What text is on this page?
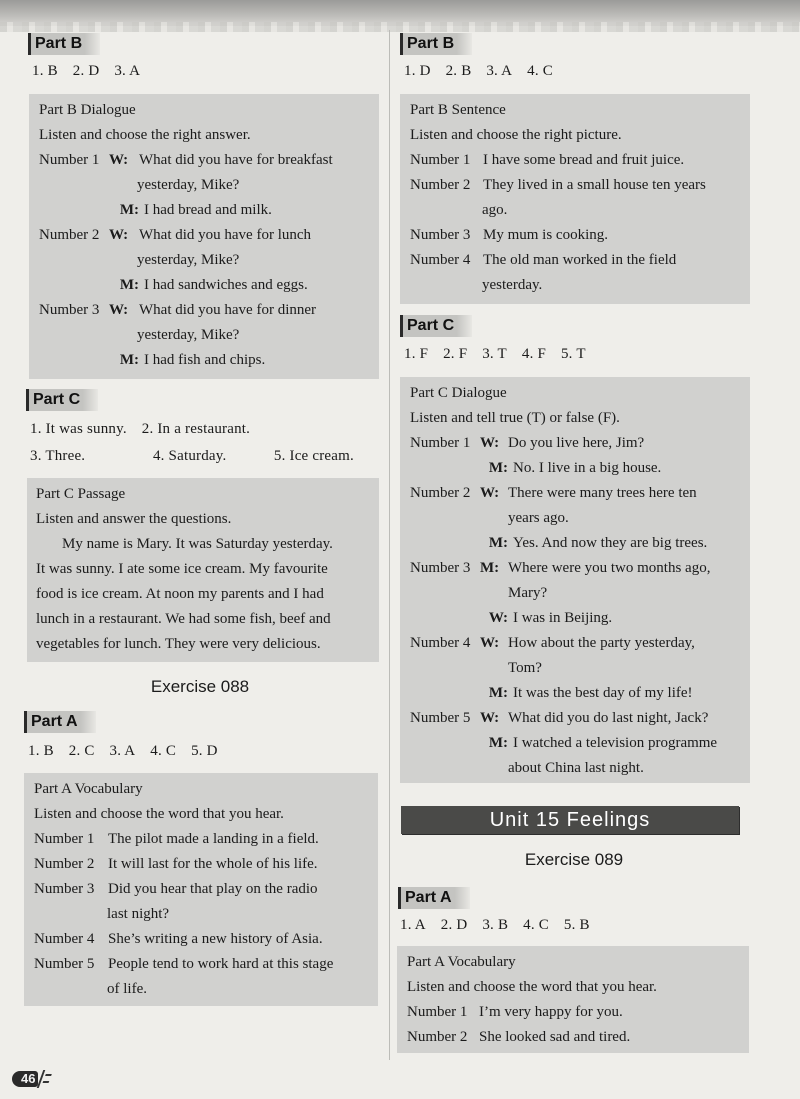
Part B
1. B 2. D 3. A
Part B Dialogue
Listen and choose the right answer.
Number 1 W: What did you have for breakfast
yesterday, Mike?
M: I had bread and milk.
Number 2 W: What did you have for lunch
yesterday, Mike?
M: I had sandwiches and eggs.
Number 3 W: What did you have for dinner
yesterday, Mike?
M: I had fish and chips.
Part C
1. It was sunny. 2. In a restaurant.
3. Three.	4. Saturday.	5. Ice cream.
Part C Passage
Listen and answer the questions.
My name is Mary. It was Saturday yesterday.
It was sunny. I ate some ice cream. My favourite
food is ice cream. At noon my parents and I had
lunch in a restaurant. We had some fish, beef and
vegetables for lunch. They were very delicious.
Exercise 088
Part A
1. B 2. C 3. A 4. C 5. D
Part A Vocabulary
Listen and choose the word that you hear.
Number 1 The pilot made a landing in a field.
Number 2 It will last for the whole of his life.
Number 3 Did you hear that play on the radio
last night?
Number 4 She’s writing a new history of Asia.
Number 5 People tend to work hard at this stage
of life.
Part B
1. D 2. B 3. A 4. C
Part B Sentence
Listen and choose the right picture.
Number 1 I have some bread and fruit juice.
Number 2 They lived in a small house ten years
ago.
Number 3 My mum is cooking.
Number 4 The old man worked in the field
yesterday.
Part C
1. F 2. F 3. T 4. F 5. T
Part C Dialogue
Listen and tell true (T) or false (F).
Number 1 W: Do you live here, Jim?
M: No. I live in a big house.
Number 2 W: There were many trees here ten
years ago.
M: Yes. And now they are big trees.
Number 3 M: Where were you two months ago,
Mary?
W: I was in Beijing.
Number 4 W: How about the party yesterday,
Tom?
M: It was the best day of my life!
Number 5 W: What did you do last night, Jack?
M: I watched a television programme
about China last night.
Unit 15 Feelings
Exercise 089
Part A
1. A 2. D 3. B 4. C 5. B
Part A Vocabulary
Listen and choose the word that you hear.
Number 1 I’m very happy for you.
Number 2 She looked sad and tired.
46
